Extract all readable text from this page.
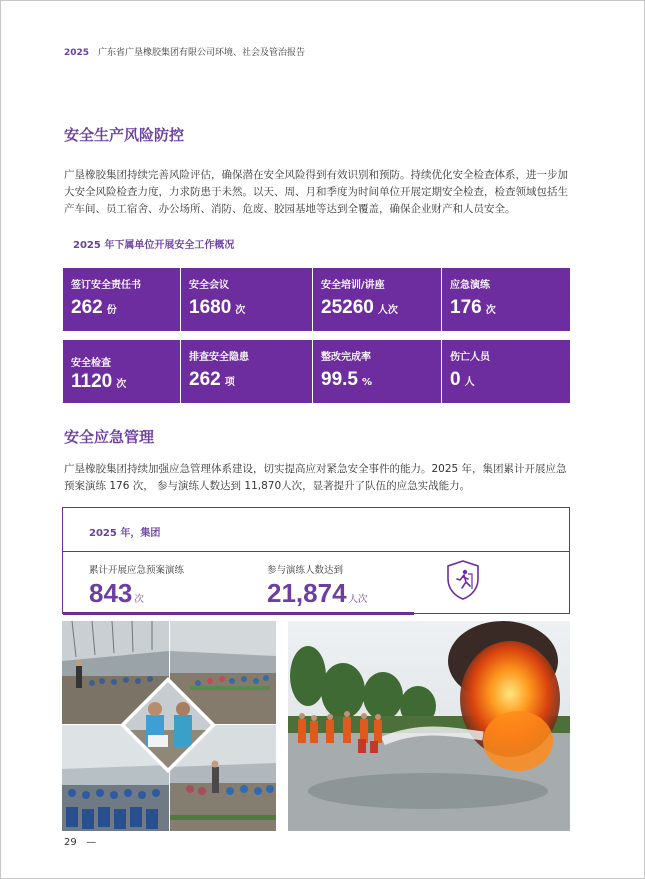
2025 广东省广垦橡胶集团有限公司环境、社会及管治报告
安全生产风险防控
广垦橡胶集团持续完善风险评估，确保潜在安全风险得到有效识别和预防。持续优化安全检查体系，进一步加大安全风险检查力度，力求防患于未然。以天、周、月和季度为时间单位开展定期安全检查，检查领域包括生产车间、员工宿舍、办公场所、消防、危废、胶园基地等达到全覆盖，确保企业财产和人员安全。
2025 年下属单位开展安全工作概况
签订安全责任书
262 份
安全会议
1680 次
安全培训/讲座
25260 人次
应急演练
176 次
安全检查
1120 次
排查安全隐患
262 项
整改完成率
99.5 %
伤亡人员
0 人
安全应急管理
广垦橡胶集团持续加强应急管理体系建设，切实提高应对紧急安全事件的能力。2025 年，集团累计开展应急预案演练 176 次， 参与演练人数达到 11,870人次，显著提升了队伍的应急实战能力。
2025 年，集团
累计开展应急预案演练
843 次
参与演练人数达到
21,874 人次
29   —
